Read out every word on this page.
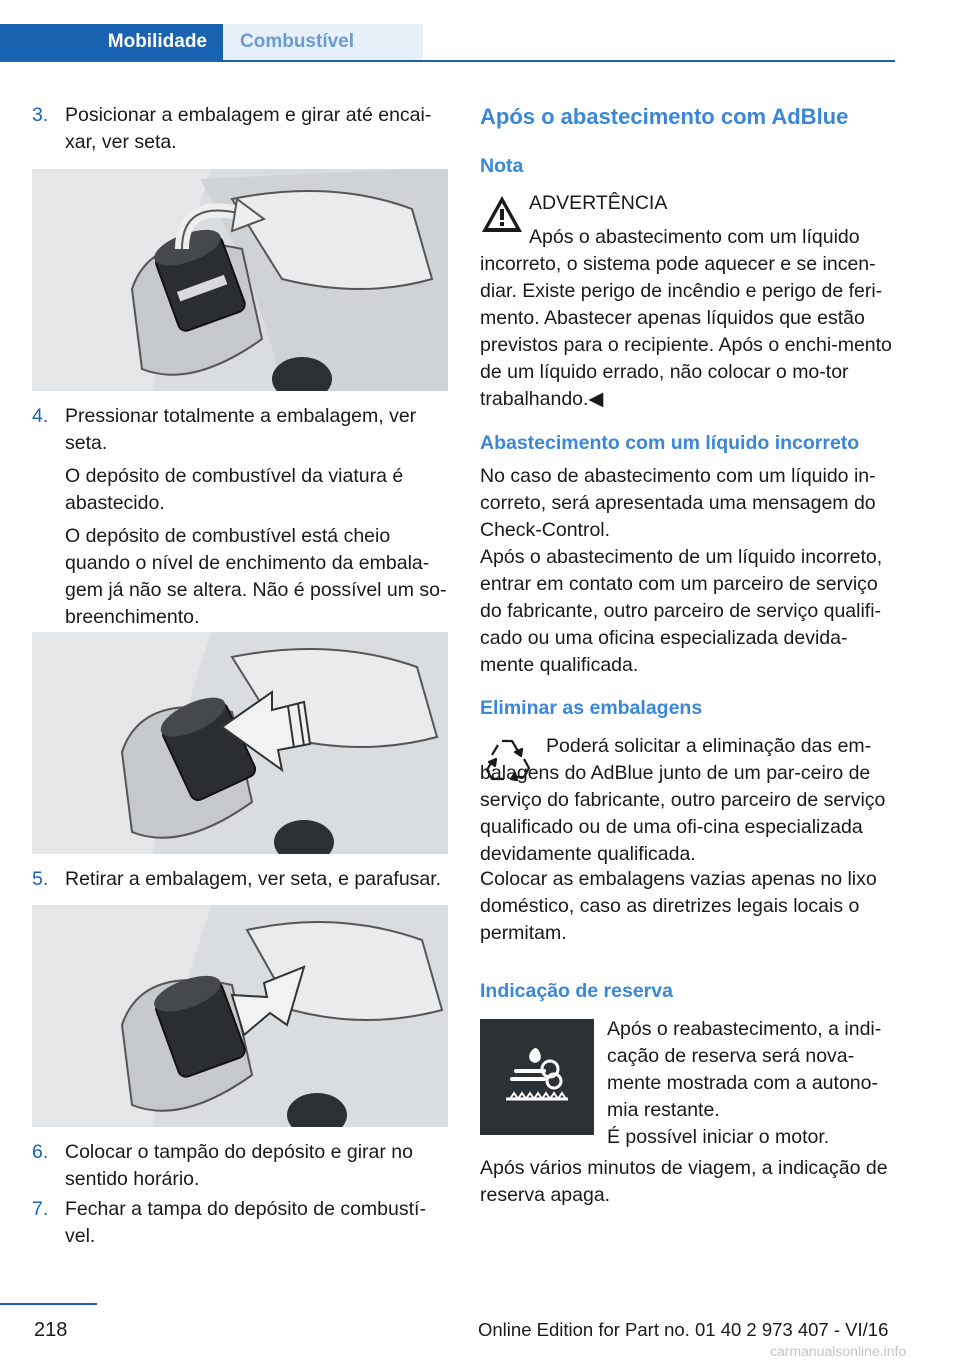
Mobilidade	Combustível
3. Posicionar a embalagem e girar até encai‐xar, ver seta.

4. Pressionar totalmente a embalagem, ver seta.

O depósito de combustível da viatura é abastecido.

O depósito de combustível está cheio quando o nível de enchimento da embala‐gem já não se altera. Não é possível um so‐breenchimento.

5. Retirar a embalagem, ver seta, e parafusar.

6. Colocar o tampão do depósito e girar no sentido horário.

7. Fechar a tampa do depósito de combustí‐vel.

Após o abastecimento com AdBlue
Nota
ADVERTÊNCIA
Após o abastecimento com um líquido incorreto, o sistema pode aquecer e se incen‐diar. Existe perigo de incêndio e perigo de feri‐mento. Abastecer apenas líquidos que estão previstos para o recipiente. Após o enchi‐mento de um líquido errado, não colocar o mo‐tor trabalhando.◀
Abastecimento com um líquido incorreto
No caso de abastecimento com um líquido in‐correto, será apresentada uma mensagem do Check-Control.
Após o abastecimento de um líquido incorreto, entrar em contato com um parceiro de serviço do fabricante, outro parceiro de serviço qualifi‐cado ou uma oficina especializada devida‐mente qualificada.
Eliminar as embalagens
Poderá solicitar a eliminação das em‐balagens do AdBlue junto de um par‐ceiro de serviço do fabricante, outro parceiro de serviço qualificado ou de uma ofi‐cina especializada devidamente qualificada.
Colocar as embalagens vazias apenas no lixo doméstico, caso as diretrizes legais locais o permitam.
Indicação de reserva
Após o reabastecimento, a indi‐cação de reserva será nova‐mente mostrada com a autono‐mia restante.
É possível iniciar o motor.
Após vários minutos de viagem, a indicação de reserva apaga.
218	Online Edition for Part no. 01 40 2 973 407 - VI/16
carmanualsonline.info
